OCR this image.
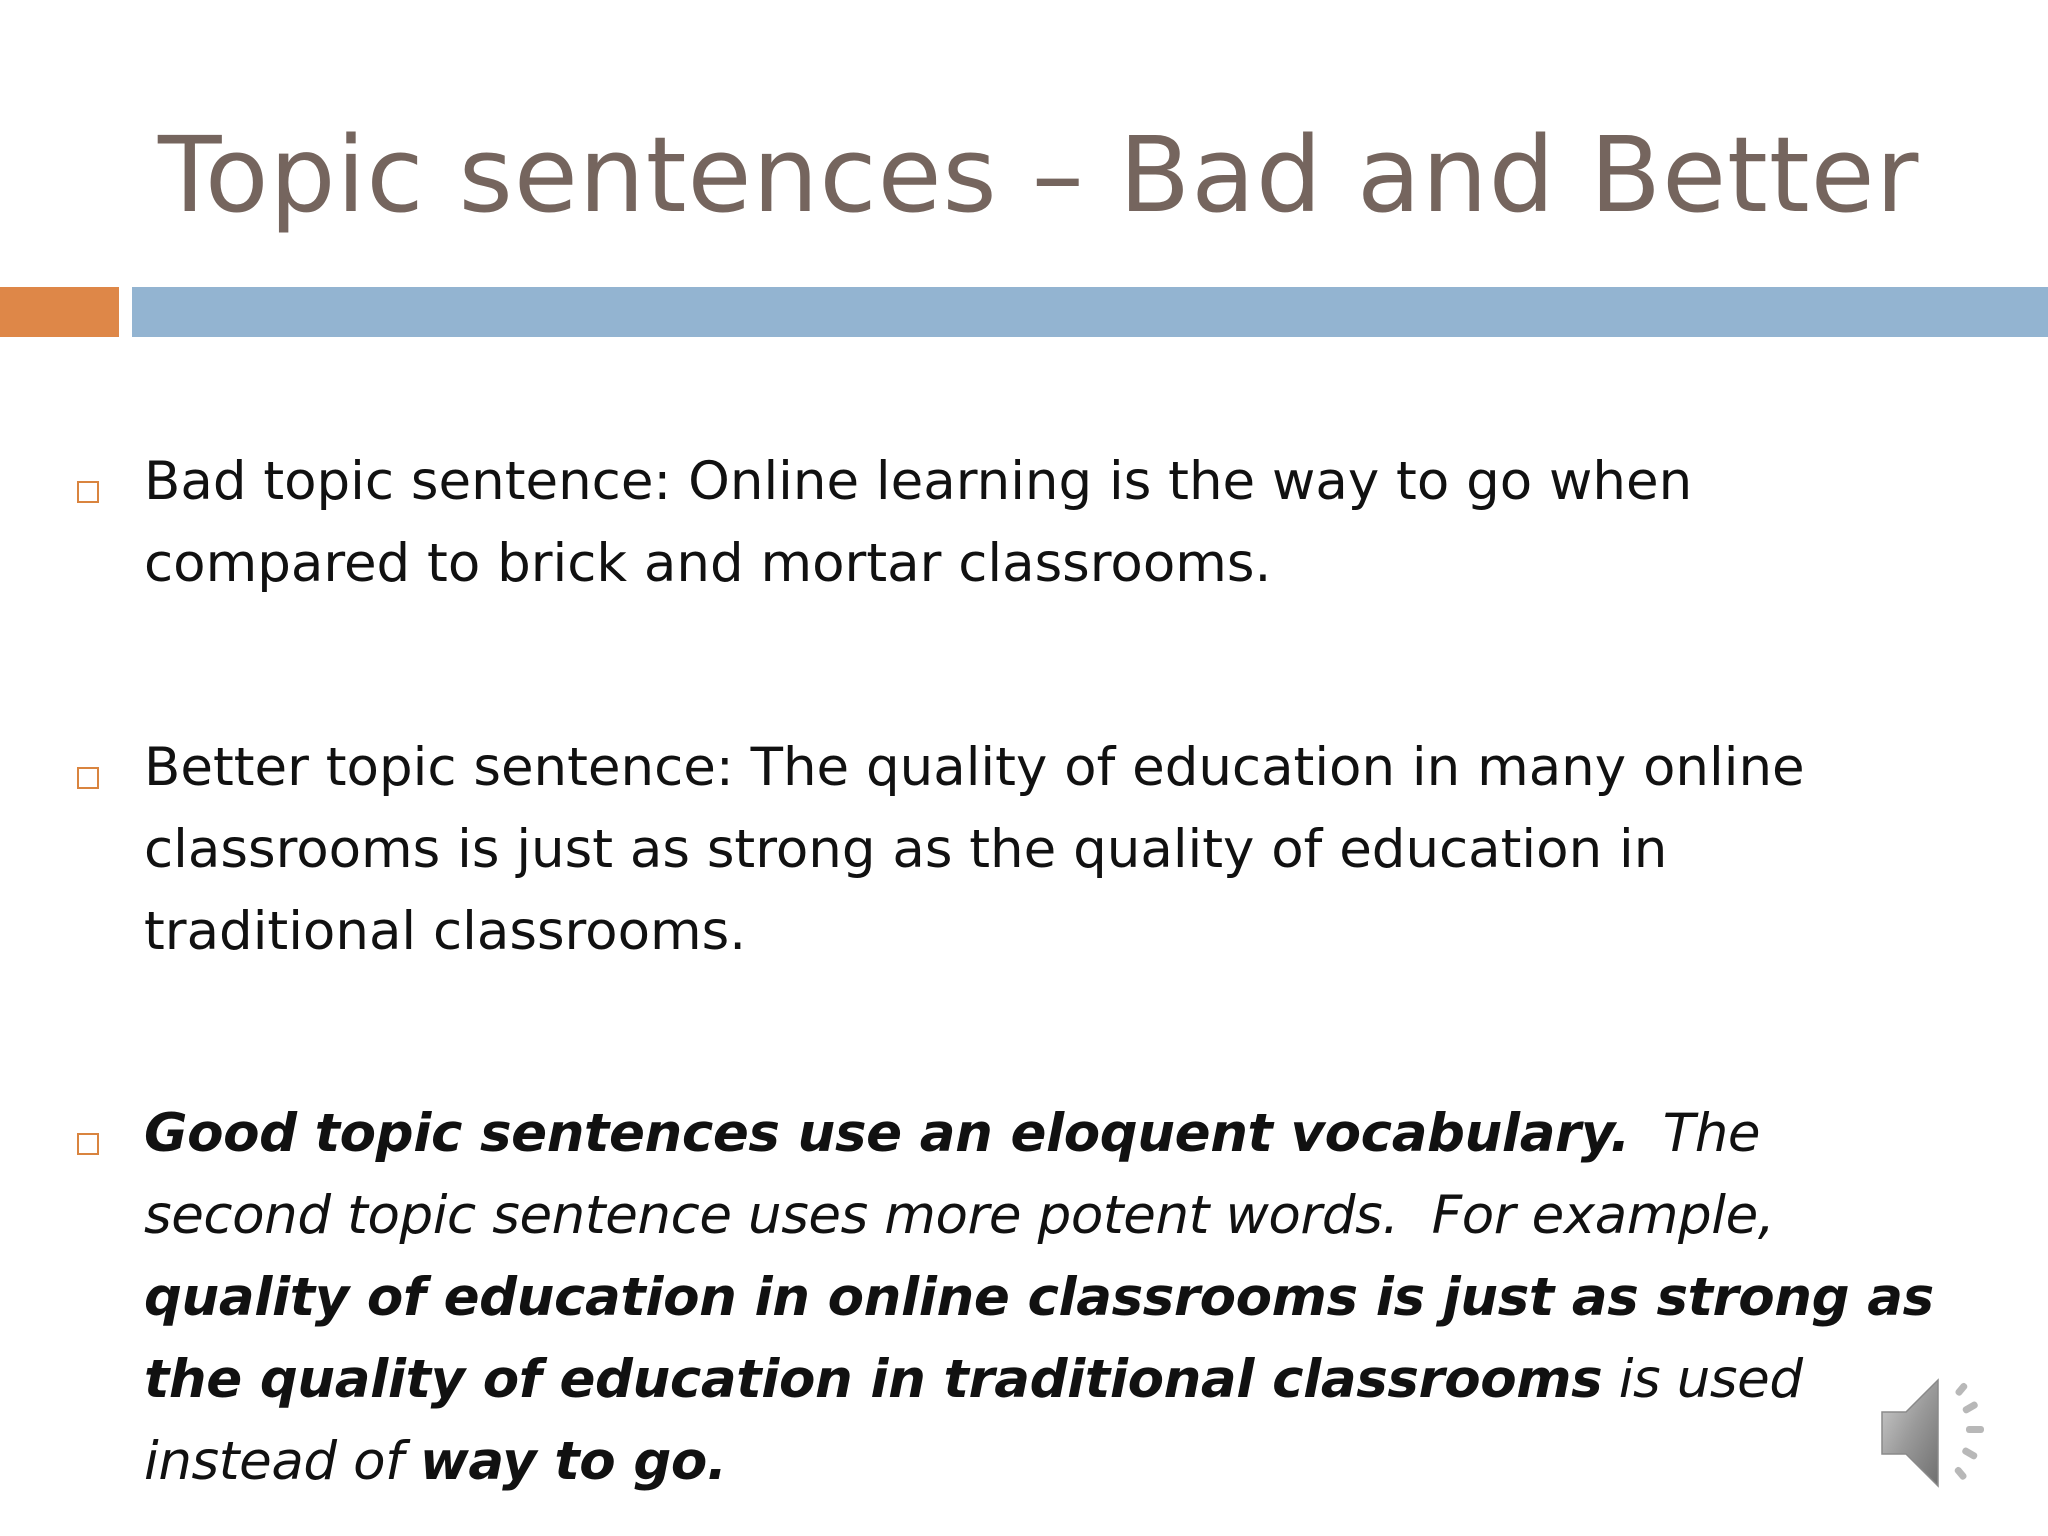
Topic sentences – Bad and Better
Bad topic sentence: Online learning is the way to go when compared to brick and mortar classrooms.
Better topic sentence: The quality of education in many online classrooms is just as strong as the quality of education in traditional classrooms.
Good topic sentences use an eloquent vocabulary.  The second topic sentence uses more potent words.  For example,  quality of education in online classrooms is just as strong as the quality of education in traditional classrooms is used instead of way to go.
